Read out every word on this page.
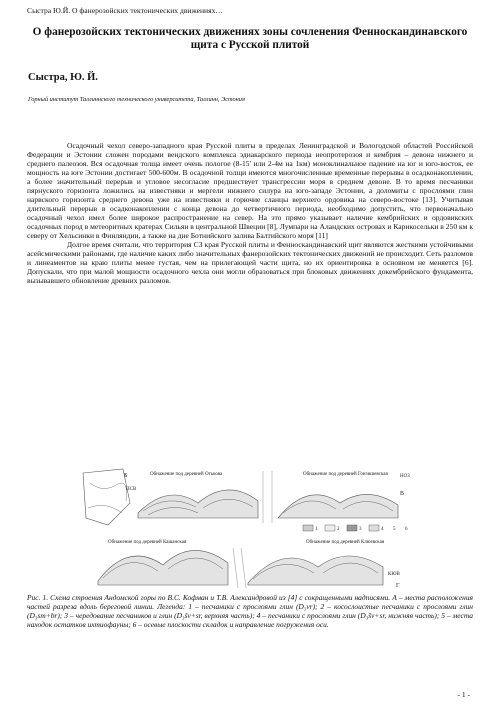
Сыстра Ю.Й. О фанерозойских тектонических движениях…
О фанерозойских тектонических движениях зоны сочленения Фенноскандинавского щита с Русской плитой
Сыстра, Ю. Й.
Горный институт Таллиннского технического университета, Таллинн, Эстония

Осадочный чехол северо-западного края Русской плиты в пределах Ленинградской и Вологодской областей Российской Федерации и Эстонии сложен породами вендского комплекса эдиакарского периода неопротерозоя и кембрия – девона нижнего и среднего палеозоя. Вся осадочная толща имеет очень пологое (8-15' или 2-4м на 1км) моноклинальное падение на юг и юго-восток, ее мощность на юге Эстонии достигает 500-600м. В осадочной толщи имеются многочисленные временные перерывы в осадконакоплении, а более значительный перерыв и угловое несогласие предшествует трансгрессии моря в среднем девоне. В то время песчаники пярнуского горизонта ложились на известняки и мергели нижнего силура на юго-западе Эстонии, а доломиты с прослоями глин нарвского горизонта среднего девона уже на известняки и горючие сланцы верхнего ордовика на северо-востоке [13]. Учитывая длительный перерыв в осадконакоплении с конца девона до четвертичного периода, необходимо допустить, что первоначально осадочный чехол имел более широкое распространение на север. На это прямо указывает наличие кембрийских и ордовикских осадочных пород в метеоритных кратерах Сильян в центральной Швеции [8], Лумпари на Аландских островах и Карикосельки в 250 км к северу от Хельсинки в Финляндии, а также на дне Ботнийского залива Балтийского моря [11]

Долгое время считали, что территория СЗ края Русской плиты и Фенноскандинавский щит являются жесткими устойчивыми асейсмическими районами, где наличие каких либо значительных фанерозойских тектонических движений не происходит. Сеть разломов и линеаментов на краю плиты менее густая, чем на прилегающей части щита, но их ориентировка в основном не меняется [6]. Допускали, что при малой мощности осадочного чехла они могли образоваться при блоковых движениях докембрийского фундамента, вызывавшего обновление древних разломов.

Б
ПСВ
Обнажение под деревней Отькова	Обнажение под деревней Гонзишевская НОЗ
В
1	2	3	4 5 6
Обнажение под деревней Кашанская	Обнажение под деревней Клюевская
КЮВ
Г
Рис. 1. Схема строения Андомской горы по В.С. Кофман и Т.В. Александровой из [4] с сокращенными надписями. А – места расположения частей разреза вдоль береговой линии. Легенда: 1 – песчаники с прослоями глин (D₃vr); 2 – косослоистые песчаники с прослоями глин (D₃sm+br); 3 – чередование песчаников и глин (D₃šv+sr, верхняя часть); 4 – песчаники с прослоями глин (D₃šv+sr, нижняя часть); 5 – места находок остатков ихтиофауны; 6 – осевые плоскости складок и направление погружения оси.
- 1 -
